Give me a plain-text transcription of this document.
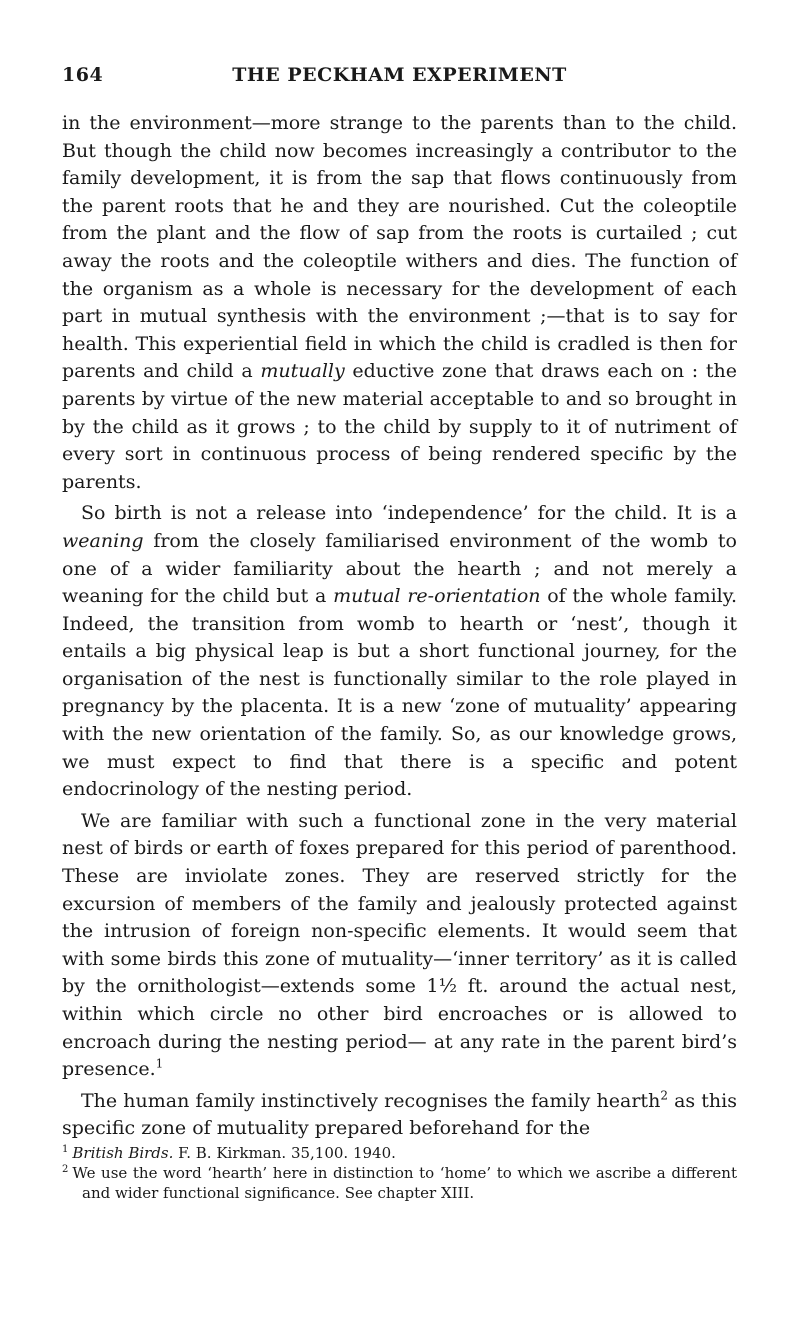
164	THE PECKHAM EXPERIMENT

in the environment—more strange to the parents than to the child. But though the child now becomes increasingly a contributor to the family development, it is from the sap that flows continuously from the parent roots that he and they are nourished. Cut the coleoptile from the plant and the flow of sap from the roots is curtailed ; cut away the roots and the coleoptile withers and dies. The function of the organism as a whole is necessary for the development of each part in mutual synthesis with the environment ;—that is to say for health. This experiential field in which the child is cradled is then for parents and child a mutually eductive zone that draws each on : the parents by virtue of the new material acceptable to and so brought in by the child as it grows ; to the child by supply to it of nutriment of every sort in continuous process of being rendered specific by the parents.

 So birth is not a release into ‘independence’ for the child. It is a weaning from the closely familiarised environment of the womb to one of a wider familiarity about the hearth ; and not merely a weaning for the child but a mutual re-orientation of the whole family. Indeed, the transition from womb to hearth or ‘nest’, though it entails a big physical leap is but a short functional journey, for the organisation of the nest is functionally similar to the role played in pregnancy by the placenta. It is a new ‘zone of mutuality’ appearing with the new orientation of the family. So, as our knowledge grows, we must expect to find that there is a specific and potent endocrinology of the nesting period.

 We are familiar with such a functional zone in the very material nest of birds or earth of foxes prepared for this period of parenthood. These are inviolate zones. They are reserved strictly for the excursion of members of the family and jealously protected against the intrusion of foreign non-specific elements. It would seem that with some birds this zone of mutuality—‘inner territory’ as it is called by the ornithologist—extends some 1½ ft. around the actual nest, within which circle no other bird encroaches or is allowed to encroach during the nesting period— at any rate in the parent bird’s presence.$^1$

 The human family instinctively recognises the family hearth$^2$ as this specific zone of mutuality prepared beforehand for the

$^1$ British Birds. F. B. Kirkman. 35,100. 1940.
$^2$ We use the word ‘hearth’ here in distinction to ‘home’ to which we ascribe a different and wider functional significance. See chapter XIII.
